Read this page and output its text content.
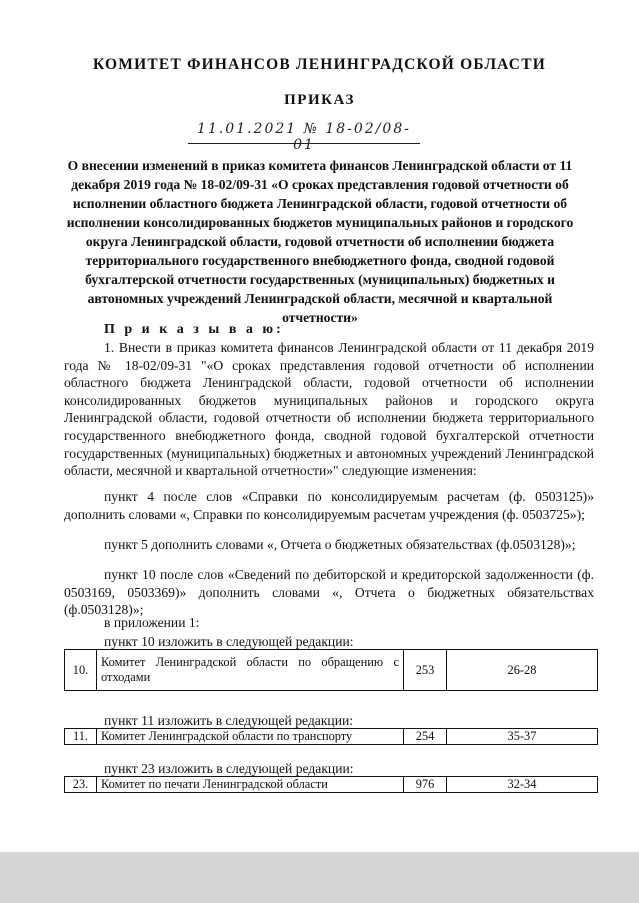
КОМИТЕТ ФИНАНСОВ ЛЕНИНГРАДСКОЙ ОБЛАСТИ
ПРИКАЗ
11.01.2021 № 18-02/08-01
О внесении изменений в приказ комитета финансов Ленинградской области от 11 декабря 2019 года № 18-02/09-31 «О сроках представления годовой отчетности об исполнении областного бюджета Ленинградской области, годовой отчетности об исполнении консолидированных бюджетов муниципальных районов и городского округа Ленинградской области, годовой отчетности об исполнении бюджета территориального государственного внебюджетного фонда, сводной годовой бухгалтерской отчетности государственных (муниципальных) бюджетных и автономных учреждений Ленинградской области, месячной и квартальной отчетности»
П р и к а з ы в а ю:

1. Внести в приказ комитета финансов Ленинградской области от 11 декабря 2019 года № 18-02/09-31 "«О сроках представления годовой отчетности об исполнении областного бюджета Ленинградской области, годовой отчетности об исполнении консолидированных бюджетов муниципальных районов и городского округа Ленинградской области, годовой отчетности об исполнении бюджета территориального государственного внебюджетного фонда, сводной годовой бухгалтерской отчетности государственных (муниципальных) бюджетных и автономных учреждений Ленинградской области, месячной и квартальной отчетности»" следующие изменения:

пункт 4 после слов «Справки по консолидируемым расчетам (ф. 0503125)» дополнить словами «, Справки по консолидируемым расчетам учреждения (ф. 0503725»);

пункт 5 дополнить словами «, Отчета о бюджетных обязательствах (ф.0503128)»;

пункт 10 после слов «Сведений по дебиторской и кредиторской задолженности (ф. 0503169, 0503369)» дополнить словами «, Отчета о бюджетных обязательствах (ф.0503128)»;

в приложении 1:
пункт 10 изложить в следующей редакции:
10.	Комитет Ленинградской области по обращению с отходами	253	26-28
пункт 11 изложить в следующей редакции:
11.	Комитет Ленинградской области по транспорту	254	35-37
пункт 23 изложить в следующей редакции:
23.	Комитет по печати Ленинградской области	976	32-34
